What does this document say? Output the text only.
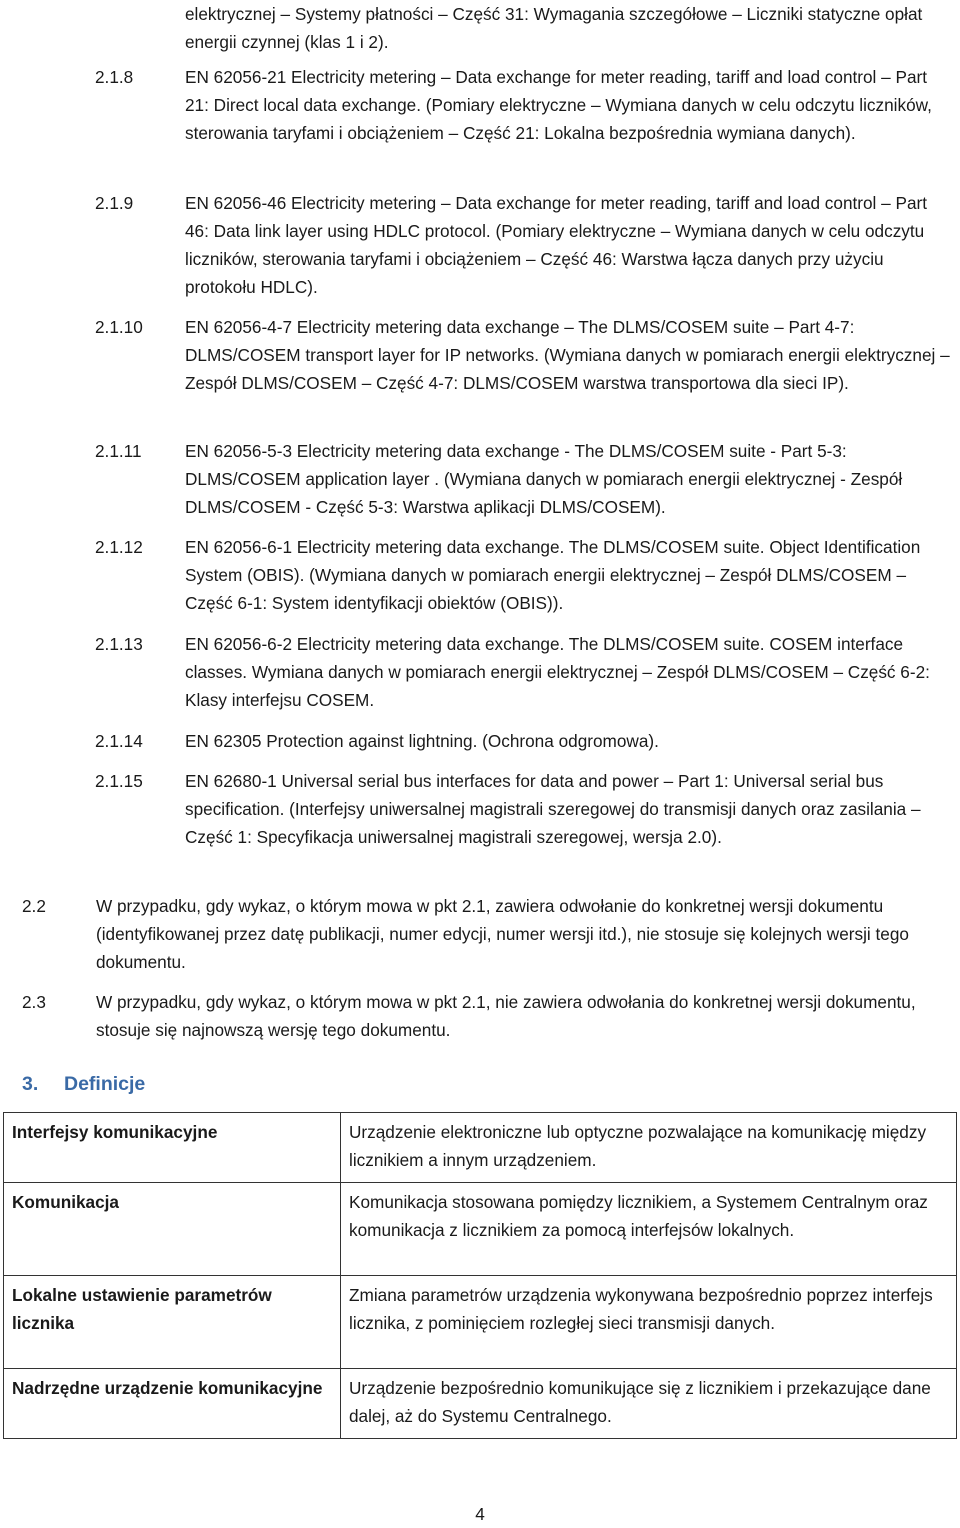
elektrycznej – Systemy płatności – Część 31: Wymagania szczegółowe – Liczniki statyczne opłat energii czynnej (klas 1 i 2).
2.1.8	EN 62056-21 Electricity metering – Data exchange for meter reading, tariff and load control – Part 21: Direct local data exchange. (Pomiary elektryczne – Wymiana danych w celu odczytu liczników, sterowania taryfami i obciążeniem – Część 21: Lokalna bezpośrednia wymiana danych).
2.1.9	EN 62056-46 Electricity metering – Data exchange for meter reading, tariff and load control – Part 46: Data link layer using HDLC protocol. (Pomiary elektryczne – Wymiana danych w celu odczytu liczników, sterowania taryfami i obciążeniem – Część 46: Warstwa łącza danych przy użyciu protokołu HDLC).
2.1.10	EN 62056-4-7 Electricity metering data exchange – The DLMS/COSEM suite – Part 4-7: DLMS/COSEM transport layer for IP networks. (Wymiana danych w pomiarach energii elektrycznej – Zespół DLMS/COSEM – Część 4-7: DLMS/COSEM warstwa transportowa dla sieci IP).
2.1.11	EN 62056-5-3 Electricity metering data exchange - The DLMS/COSEM suite - Part 5-3: DLMS/COSEM application layer . (Wymiana danych w pomiarach energii elektrycznej - Zespół DLMS/COSEM - Część 5-3: Warstwa aplikacji DLMS/COSEM).
2.1.12	EN 62056-6-1 Electricity metering data exchange. The DLMS/COSEM suite. Object Identification System (OBIS). (Wymiana danych w pomiarach energii elektrycznej – Zespół DLMS/COSEM – Część 6-1: System identyfikacji obiektów (OBIS)).
2.1.13	EN 62056-6-2 Electricity metering data exchange. The DLMS/COSEM suite. COSEM interface classes. Wymiana danych w pomiarach energii elektrycznej – Zespół DLMS/COSEM – Część 6-2: Klasy interfejsu COSEM.
2.1.14	EN 62305 Protection against lightning. (Ochrona odgromowa).
2.1.15	EN 62680-1 Universal serial bus interfaces for data and power – Part 1: Universal serial bus specification. (Interfejsy uniwersalnej magistrali szeregowej do transmisji danych oraz zasilania – Część 1: Specyfikacja uniwersalnej magistrali szeregowej, wersja 2.0).
2.2	W przypadku, gdy wykaz, o którym mowa w pkt 2.1, zawiera odwołanie do konkretnej wersji dokumentu (identyfikowanej przez datę publikacji, numer edycji, numer wersji itd.), nie stosuje się kolejnych wersji tego dokumentu.
2.3	W przypadku, gdy wykaz, o którym mowa w pkt 2.1, nie zawiera odwołania do konkretnej wersji dokumentu, stosuje się najnowszą wersję tego dokumentu.
3. Definicje
Interfejsy komunikacyjne	Urządzenie elektroniczne lub optyczne pozwalające na komunikację między licznikiem a innym urządzeniem.
Komunikacja	Komunikacja stosowana pomiędzy licznikiem, a Systemem Centralnym oraz komunikacja z licznikiem za pomocą interfejsów lokalnych.
Lokalne ustawienie parametrów licznika	Zmiana parametrów urządzenia wykonywana bezpośrednio poprzez interfejs licznika, z pominięciem rozległej sieci transmisji danych.
Nadrzędne urządzenie komunikacyjne	Urządzenie bezpośrednio komunikujące się z licznikiem i przekazujące dane dalej, aż do Systemu Centralnego.
4
